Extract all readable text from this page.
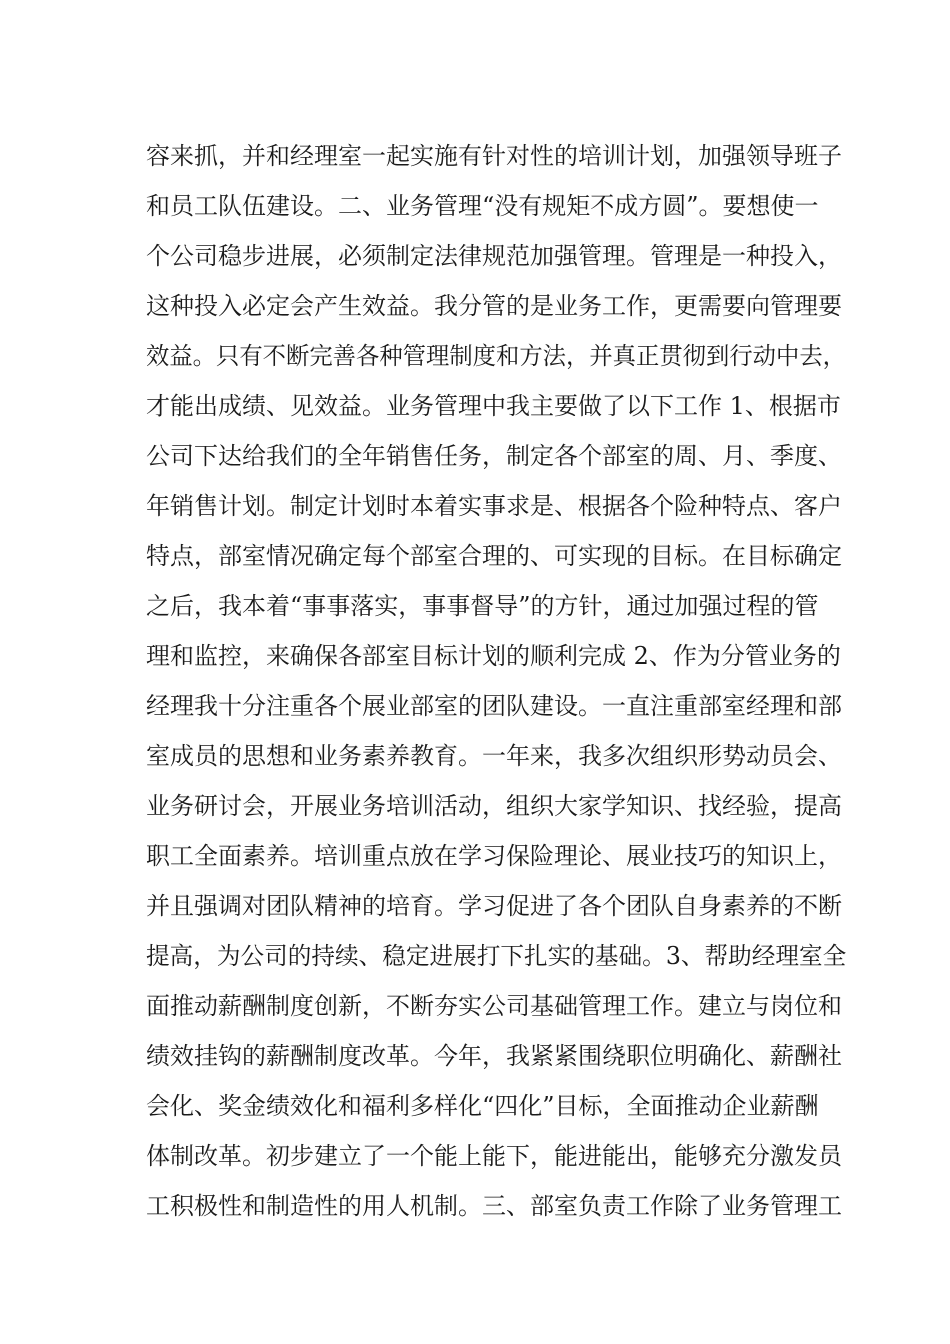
容来抓，并和经理室一起实施有针对性的培训计划，加强领导班子
和员工队伍建设。二、业务管理“没有规矩不成方圆”。要想使一
个公司稳步进展，必须制定法律规范加强管理。管理是一种投入，
这种投入必定会产生效益。我分管的是业务工作，更需要向管理要
效益。只有不断完善各种管理制度和方法，并真正贯彻到行动中去，
才能出成绩、见效益。业务管理中我主要做了以下工作 1、根据市
公司下达给我们的全年销售任务，制定各个部室的周、月、季度、
年销售计划。制定计划时本着实事求是、根据各个险种特点、客户
特点，部室情况确定每个部室合理的、可实现的目标。在目标确定
之后，我本着“事事落实，事事督导”的方针，通过加强过程的管
理和监控，来确保各部室目标计划的顺利完成 2、作为分管业务的
经理我十分注重各个展业部室的团队建设。一直注重部室经理和部
室成员的思想和业务素养教育。一年来，我多次组织形势动员会、
业务研讨会，开展业务培训活动，组织大家学知识、找经验，提高
职工全面素养。培训重点放在学习保险理论、展业技巧的知识上，
并且强调对团队精神的培育。学习促进了各个团队自身素养的不断
提高，为公司的持续、稳定进展打下扎实的基础。3、帮助经理室全
面推动薪酬制度创新，不断夯实公司基础管理工作。建立与岗位和
绩效挂钩的薪酬制度改革。今年，我紧紧围绕职位明确化、薪酬社
会化、奖金绩效化和福利多样化“四化”目标，全面推动企业薪酬
体制改革。初步建立了一个能上能下，能进能出，能够充分激发员
工积极性和制造性的用人机制。三、部室负责工作除了业务管理工
